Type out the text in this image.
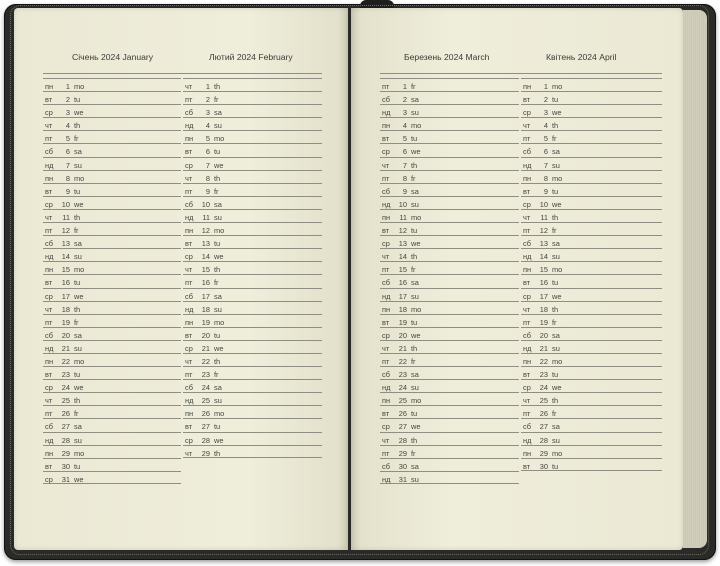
Січень 2024 January	Лютий 2024 February	Березень 2024 March	Квітень 2024 April
пн	1 mo
вт	2 tu
ср	3 we
чт	4 th
пт	5 fr
сб	6 sa
нд	7 su
пн	8 mo
вт	9 tu
ср	10 we
чт	11 th
пт	12 fr
сб	13 sa
нд	14 su
пн	15 mo
вт	16 tu
ср	17 we
чт	18 th
пт	19 fr
сб	20 sa
нд	21 su
пн	22 mo
вт	23 tu
ср	24 we
чт	25 th
пт	26 fr
сб	27 sa
нд	28 su
пн	29 mo
вт	30 tu
ср	31 we
чт	1 th
пт	2 fr
сб	3 sa
нд	4 su
пн	5 mo
вт	6 tu
ср	7 we
чт	8 th
пт	9 fr
сб	10 sa
нд	11 su
пн	12 mo
вт	13 tu
ср	14 we
чт	15 th
пт	16 fr
сб	17 sa
нд	18 su
пн	19 mo
вт	20 tu
ср	21 we
чт	22 th
пт	23 fr
сб	24 sa
нд	25 su
пн	26 mo
вт	27 tu
ср	28 we
чт	29 th
пт	1 fr
сб	2 sa
нд	3 su
пн	4 mo
вт	5 tu
ср	6 we
чт	7 th
пт	8 fr
сб	9 sa
нд	10 su
пн	11 mo
вт	12 tu
ср	13 we
чт	14 th
пт	15 fr
сб	16 sa
нд	17 su
пн	18 mo
вт	19 tu
ср	20 we
чт	21 th
пт	22 fr
сб	23 sa
нд	24 su
пн	25 mo
вт	26 tu
ср	27 we
чт	28 th
пт	29 fr
сб	30 sa
нд	31 su
пн	1 mo
вт	2 tu
ср	3 we
чт	4 th
пт	5 fr
сб	6 sa
нд	7 su
пн	8 mo
вт	9 tu
ср	10 we
чт	11 th
пт	12 fr
сб	13 sa
нд	14 su
пн	15 mo
вт	16 tu
ср	17 we
чт	18 th
пт	19 fr
сб	20 sa
нд	21 su
пн	22 mo
вт	23 tu
ср	24 we
чт	25 th
пт	26 fr
сб	27 sa
нд	28 su
пн	29 mo
вт	30 tu
